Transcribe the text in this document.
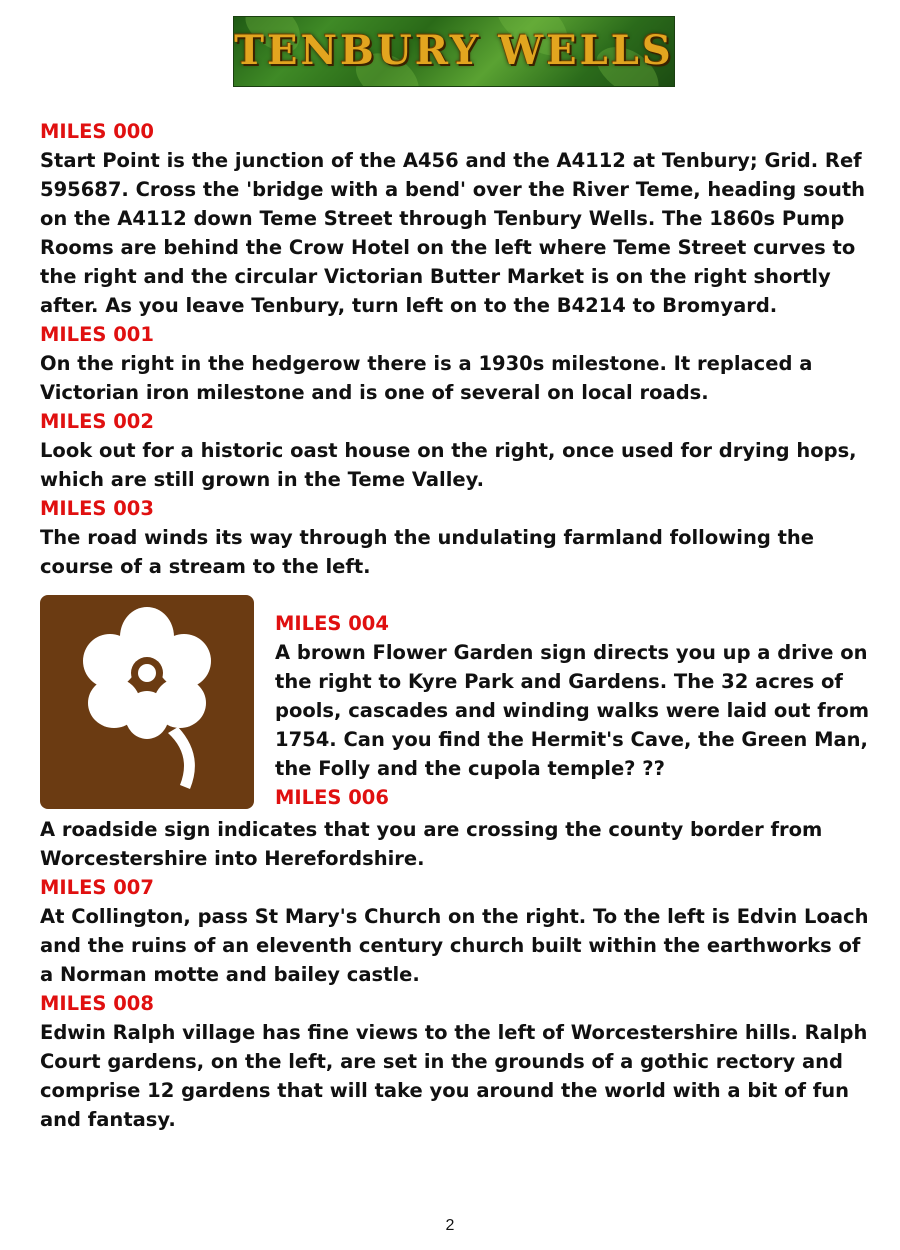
TENBURY WELLS

MILES 000

Start Point is the junction of the A456 and the A4112 at Tenbury; Grid. Ref 595687. Cross the 'bridge with a bend' over the River Teme, heading south on the A4112 down Teme Street through Tenbury Wells. The 1860s Pump Rooms are behind the Crow Hotel on the left where Teme Street curves to the right and the circular Victorian Butter Market is on the right shortly after. As you leave Tenbury, turn left on to the B4214 to Bromyard.

MILES 001

On the right in the hedgerow there is a 1930s milestone. It replaced a Victorian iron milestone and is one of several on local roads.

MILES 002

Look out for a historic oast house on the right, once used for drying hops, which are still grown in the Teme Valley.

MILES 003

The road winds its way through the undulating farmland following the course of a stream to the left.

MILES 004

A brown Flower Garden sign directs you up a drive on the right to Kyre Park and Gardens. The 32 acres of pools, cascades and winding walks were laid out from 1754. Can you find the Hermit's Cave, the Green Man, the Folly and the cupola temple? ??

MILES 006

A roadside sign indicates that you are crossing the county border from Worcestershire into Herefordshire.

MILES 007

At Collington, pass St Mary's Church on the right. To the left is Edvin Loach and the ruins of an eleventh century church built within the earthworks of a Norman motte and bailey castle.

MILES 008

Edwin Ralph village has fine views to the left of Worcestershire hills. Ralph Court gardens, on the left, are set in the grounds of a gothic rectory and comprise 12 gardens that will take you around the world with a bit of fun and fantasy.

2
